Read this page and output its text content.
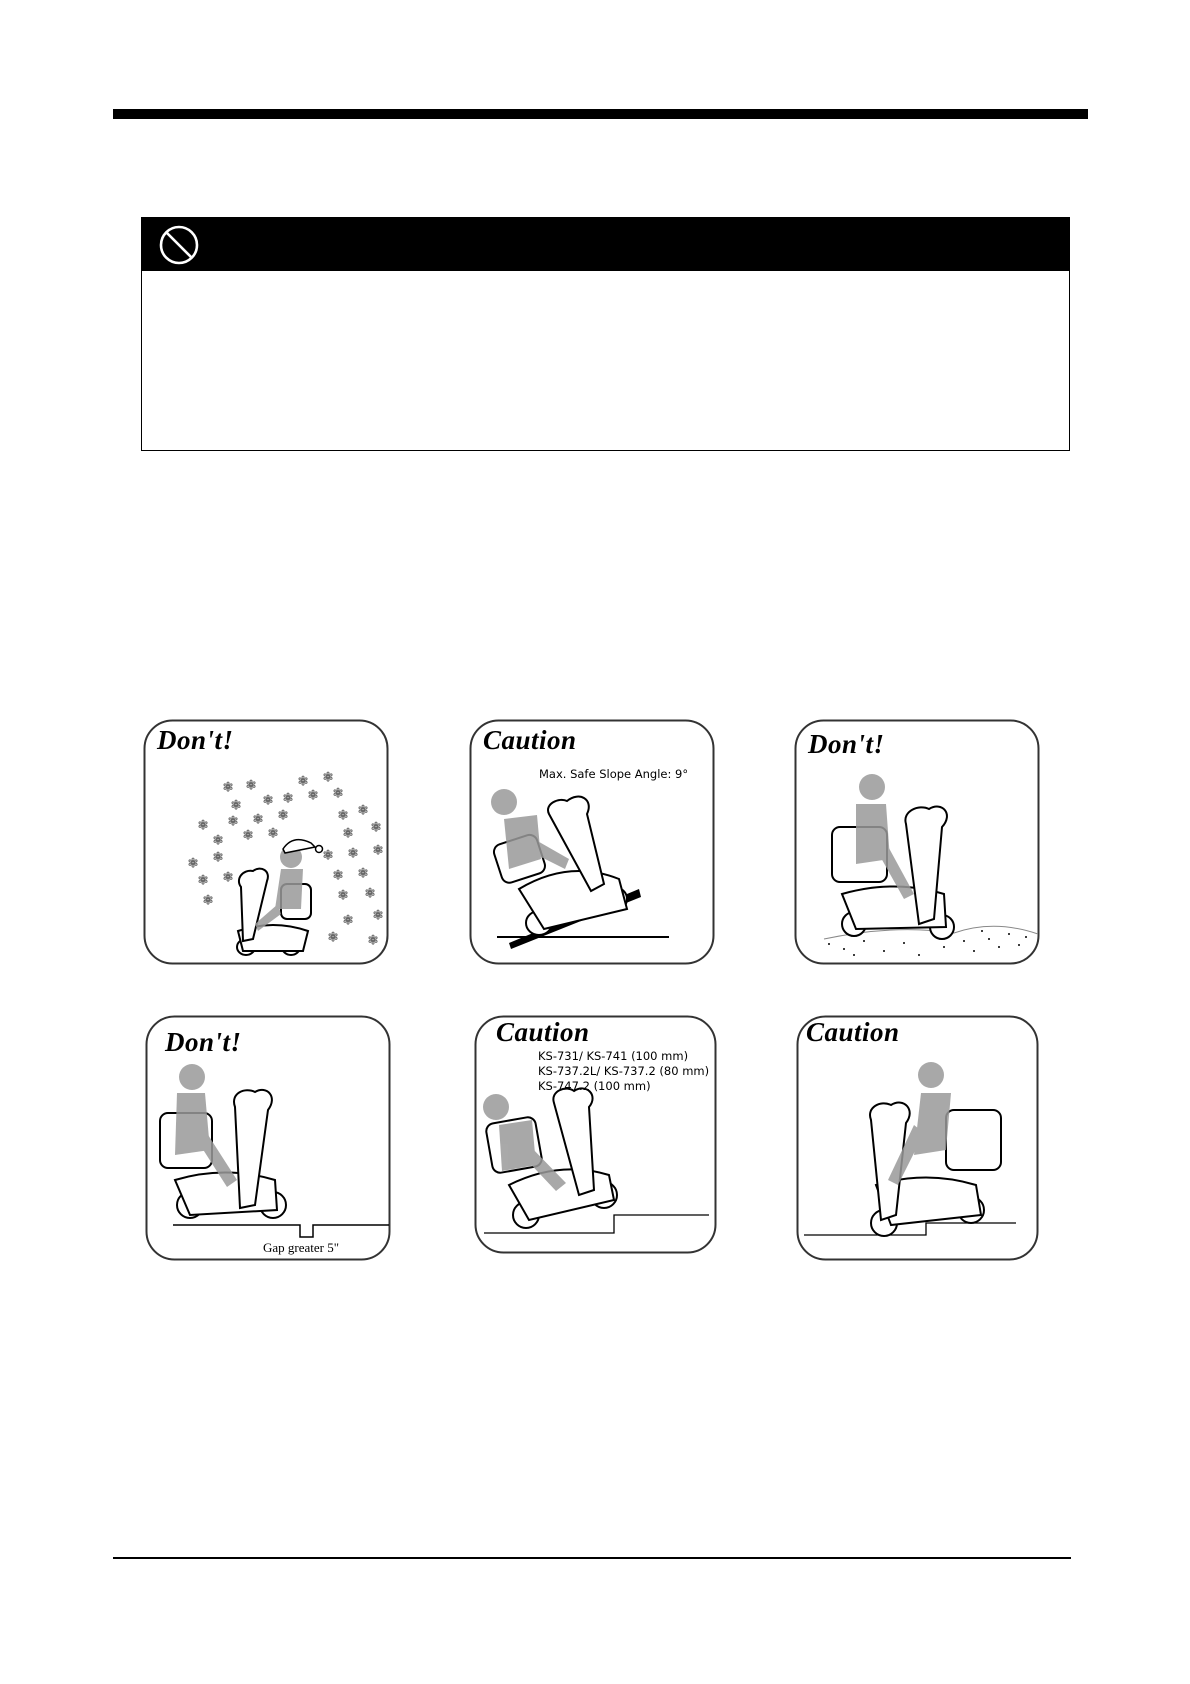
✻ ✻	✻ ✻
✻ ✻ ✻ ✻ ✻
✻ ✻ ✻ ✻	✻ ✻
✻ ✻ ✻	✻ ✻
✻ ✻	✻ ✻ ✻
✻ ✻	✻ ✻
✻ ✻
✻ ✻
✻ ✻
✻
Don't!	Caution
Max. Safe Slope Angle: 9°
Don't!
Don't!
Gap greater 5"
Caution
KS-731/ KS-741 (100 mm)
KS-737.2L/ KS-737.2 (80 mm)
KS-747.2 (100 mm)
Caution
